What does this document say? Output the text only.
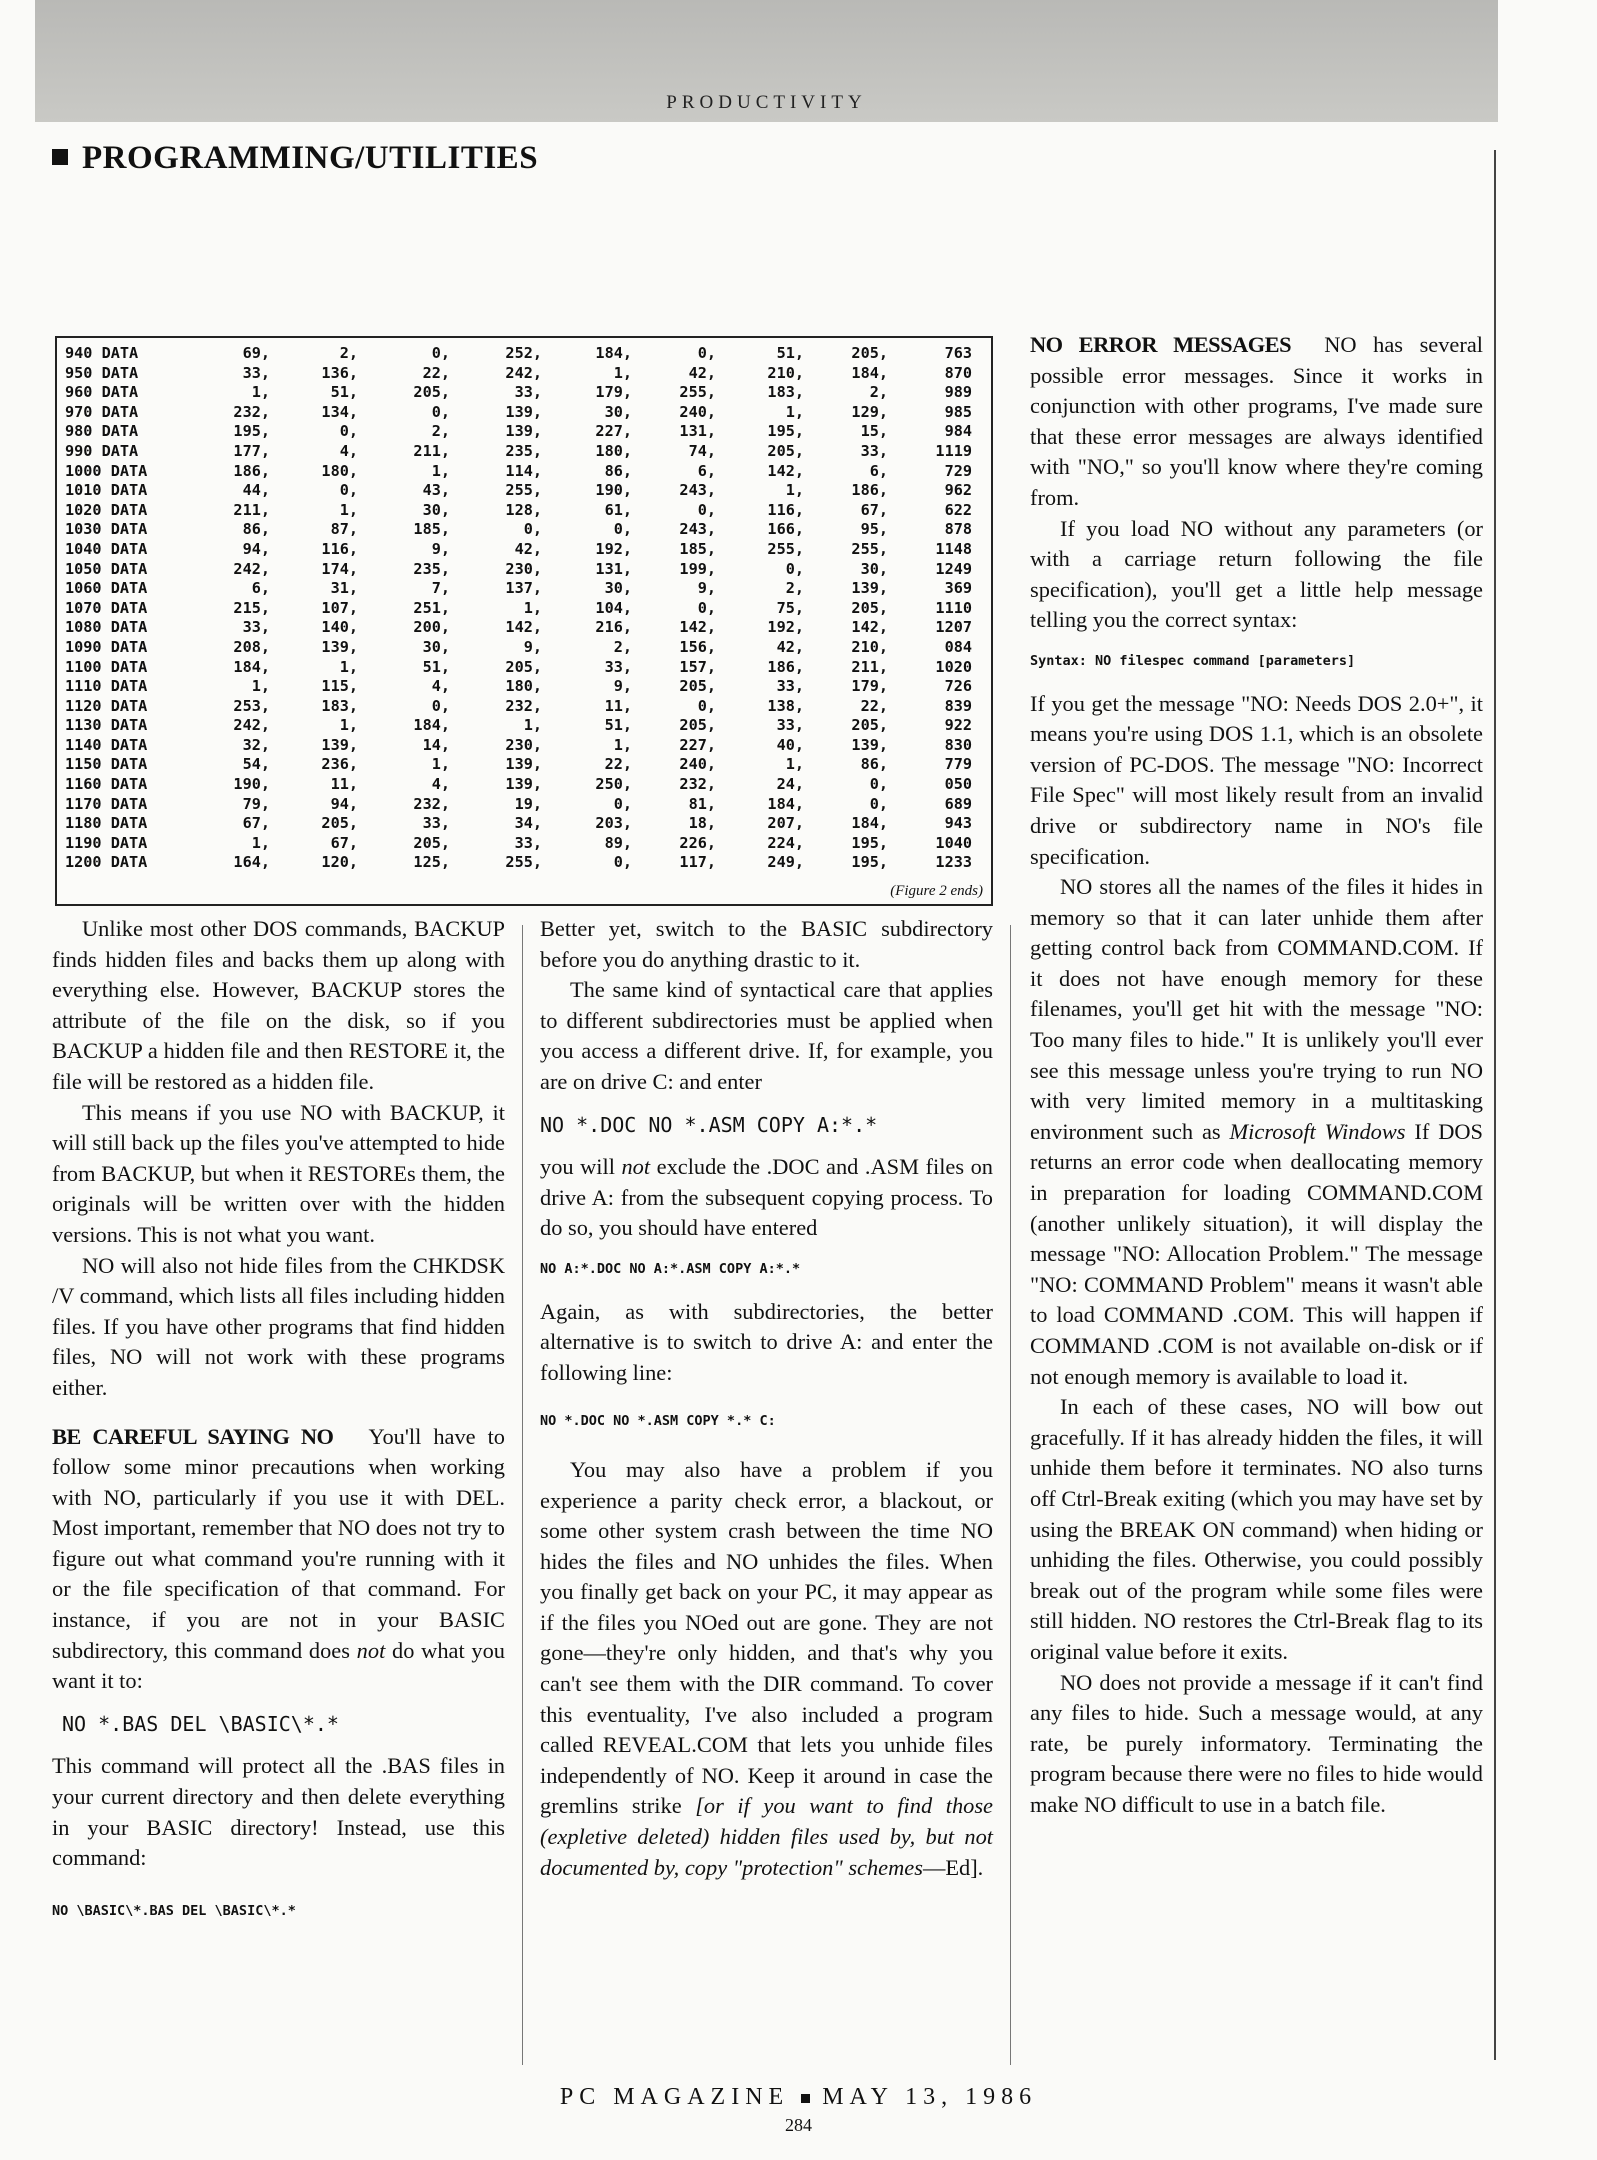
PRODUCTIVITY
PROGRAMMING/UTILITIES
940 DATA	69,	2,	0,	252,	184,	0,	51,	205,	763
950 DATA	33,	136,	22,	242,	1,	42,	210,	184,	870
960 DATA	1,	51,	205,	33,	179,	255,	183,	2,	989
970 DATA	232,	134,	0,	139,	30,	240,	1,	129,	985
980 DATA	195,	0,	2,	139,	227,	131,	195,	15,	984
990 DATA	177,	4,	211,	235,	180,	74,	205,	33,	1119
1000 DATA	186,	180,	1,	114,	86,	6,	142,	6,	729
1010 DATA	44,	0,	43,	255,	190,	243,	1,	186,	962
1020 DATA	211,	1,	30,	128,	61,	0,	116,	67,	622
1030 DATA	86,	87,	185,	0,	0,	243,	166,	95,	878
1040 DATA	94,	116,	9,	42,	192,	185,	255,	255,	1148
1050 DATA	242,	174,	235,	230,	131,	199,	0,	30,	1249
1060 DATA	6,	31,	7,	137,	30,	9,	2,	139,	369
1070 DATA	215,	107,	251,	1,	104,	0,	75,	205,	1110
1080 DATA	33,	140,	200,	142,	216,	142,	192,	142,	1207
1090 DATA	208,	139,	30,	9,	2,	156,	42,	210,	084
1100 DATA	184,	1,	51,	205,	33,	157,	186,	211,	1020
1110 DATA	1,	115,	4,	180,	9,	205,	33,	179,	726
1120 DATA	253,	183,	0,	232,	11,	0,	138,	22,	839
1130 DATA	242,	1,	184,	1,	51,	205,	33,	205,	922
1140 DATA	32,	139,	14,	230,	1,	227,	40,	139,	830
1150 DATA	54,	236,	1,	139,	22,	240,	1,	86,	779
1160 DATA	190,	11,	4,	139,	250,	232,	24,	0,	050
1170 DATA	79,	94,	232,	19,	0,	81,	184,	0,	689
1180 DATA	67,	205,	33,	34,	203,	18,	207,	184,	943
1190 DATA	1,	67,	205,	33,	89,	226,	224,	195,	1040
1200 DATA	164,	120,	125,	255,	0,	117,	249,	195,	1233
(Figure 2 ends)

Unlike most other DOS commands, BACKUP finds hidden files and backs them up along with everything else. However, BACKUP stores the attribute of the file on the disk, so if you BACKUP a hidden file and then RESTORE it, the file will be restored as a hidden file.

This means if you use NO with BACKUP, it will still back up the files you've attempted to hide from BACKUP, but when it RESTOREs them, the originals will be written over with the hidden versions. This is not what you want.

NO will also not hide files from the CHKDSK /V command, which lists all files including hidden files. If you have other programs that find hidden files, NO will not work with these programs either.

BE CAREFUL SAYING NO You'll have to follow some minor precautions when working with NO, particularly if you use it with DEL. Most important, remember that NO does not try to figure out what command you're running with it or the file specification of that command. For instance, if you are not in your BASIC subdirectory, this command does not do what you want it to:

NO *.BAS DEL \BASIC\*.*

This command will protect all the .BAS files in your current directory and then delete everything in your BASIC directory! Instead, use this command:

NO \BASIC\*.BAS DEL \BASIC\*.*

Better yet, switch to the BASIC subdirectory before you do anything drastic to it.

The same kind of syntactical care that applies to different subdirectories must be applied when you access a different drive. If, for example, you are on drive C: and enter

NO *.DOC NO *.ASM COPY A:*.*

you will not exclude the .DOC and .ASM files on drive A: from the subsequent copying process. To do so, you should have entered

NO A:*.DOC NO A:*.ASM COPY A:*.*

Again, as with subdirectories, the better alternative is to switch to drive A: and enter the following line:

NO *.DOC NO *.ASM COPY *.* C:

You may also have a problem if you experience a parity check error, a blackout, or some other system crash between the time NO hides the files and NO unhides the files. When you finally get back on your PC, it may appear as if the files you NOed out are gone. They are not gone—they're only hidden, and that's why you can't see them with the DIR command. To cover this eventuality, I've also included a program called REVEAL.COM that lets you unhide files independently of NO. Keep it around in case the gremlins strike [or if you want to find those (expletive deleted) hidden files used by, but not documented by, copy "protection" schemes—Ed].

NO ERROR MESSAGES NO has several possible error messages. Since it works in conjunction with other programs, I've made sure that these error messages are always identified with "NO," so you'll know where they're coming from.

If you load NO without any parameters (or with a carriage return following the file specification), you'll get a little help message telling you the correct syntax:

Syntax: NO filespec command [parameters]

If you get the message "NO: Needs DOS 2.0+", it means you're using DOS 1.1, which is an obsolete version of PC-DOS. The message "NO: Incorrect File Spec" will most likely result from an invalid drive or subdirectory name in NO's file specification.

NO stores all the names of the files it hides in memory so that it can later unhide them after getting control back from COMMAND.COM. If it does not have enough memory for these filenames, you'll get hit with the message "NO: Too many files to hide." It is unlikely you'll ever see this message unless you're trying to run NO with very limited memory in a multitasking environment such as Microsoft Windows If DOS returns an error code when deallocating memory in preparation for loading COMMAND.COM (another unlikely situation), it will display the message "NO: Allocation Problem." The message "NO: COMMAND Problem" means it wasn't able to load COMMAND .COM. This will happen if COMMAND .COM is not available on-disk or if not enough memory is available to load it.

In each of these cases, NO will bow out gracefully. If it has already hidden the files, it will unhide them before it terminates. NO also turns off Ctrl-Break exiting (which you may have set by using the BREAK ON command) when hiding or unhiding the files. Otherwise, you could possibly break out of the program while some files were still hidden. NO restores the Ctrl-Break flag to its original value before it exits.

NO does not provide a message if it can't find any files to hide. Such a message would, at any rate, be purely informatory. Terminating the program because there were no files to hide would make NO difficult to use in a batch file.

PC MAGAZINE MAY 13, 1986
284
